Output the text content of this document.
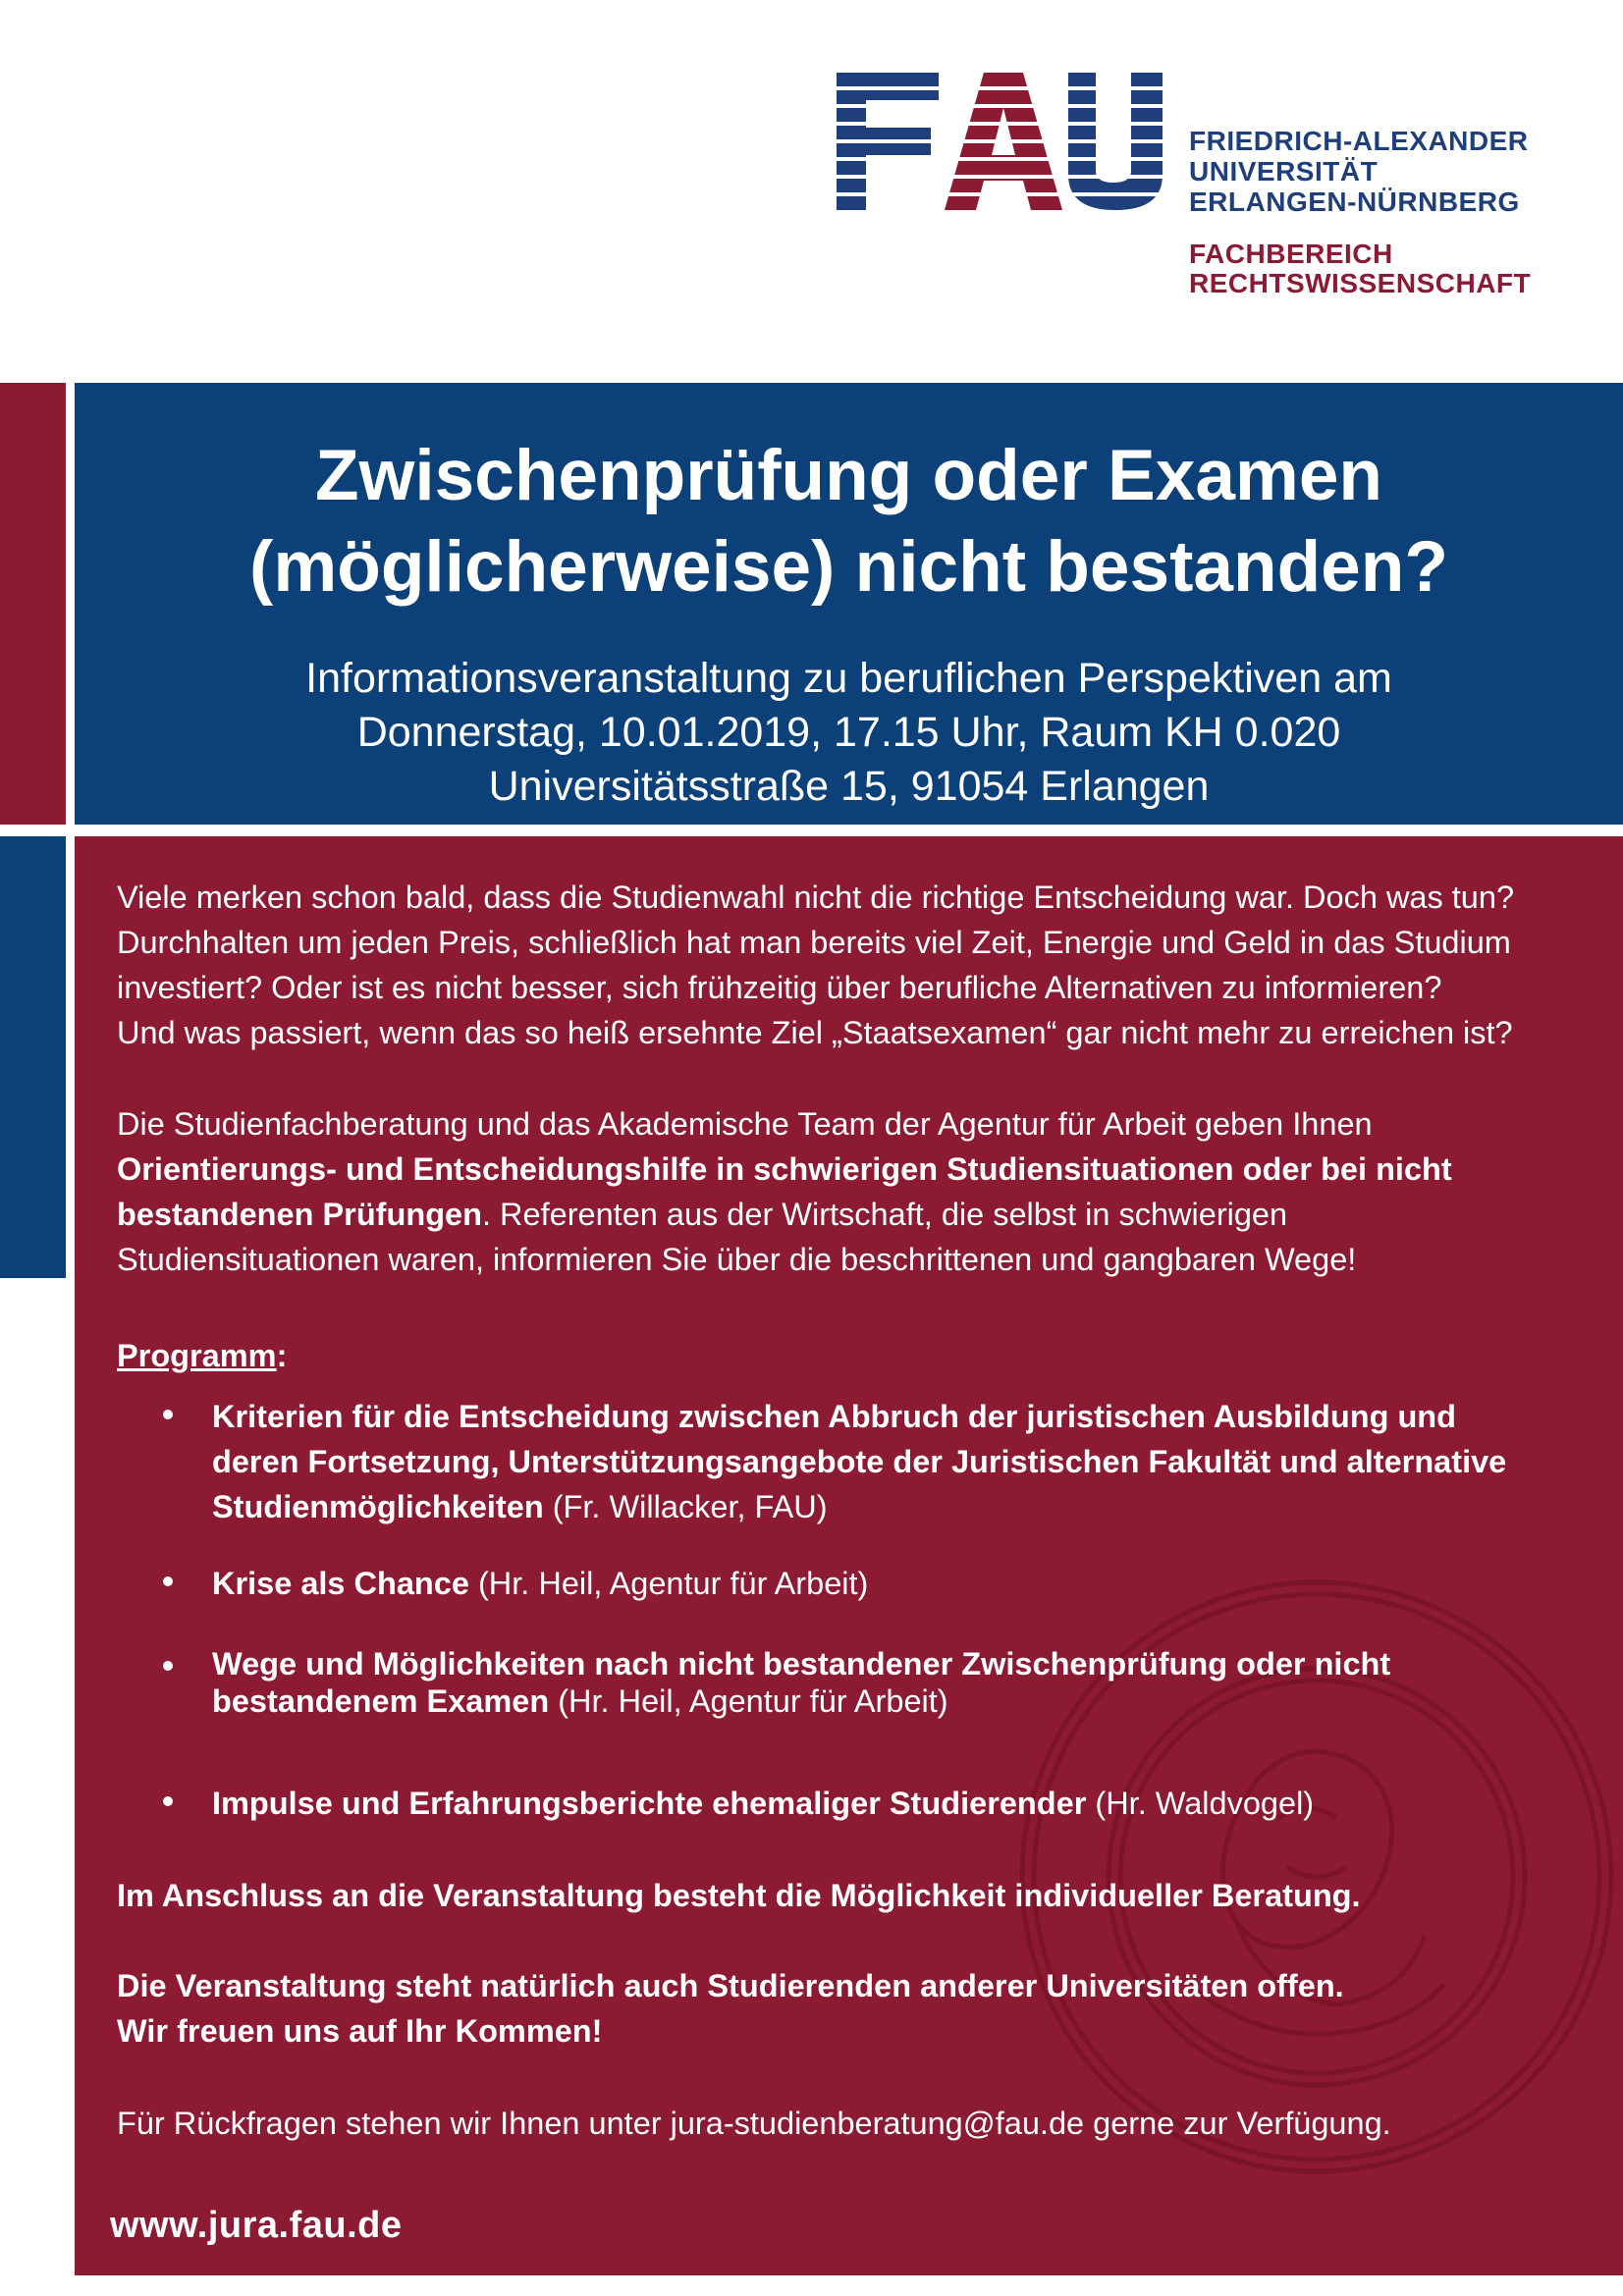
FRIEDRICH-ALEXANDER
UNIVERSITÄT
ERLANGEN-NÜRNBERG
FACHBEREICH
RECHTSWISSENSCHAFT
Zwischenprüfung oder Examen
(möglicherweise) nicht bestanden?
Informationsveranstaltung zu beruflichen Perspektiven am
Donnerstag, 10.01.2019, 17.15 Uhr, Raum KH 0.020
Universitätsstraße 15, 91054 Erlangen
Viele merken schon bald, dass die Studienwahl nicht die richtige Entscheidung war. Doch was tun?
Durchhalten um jeden Preis, schließlich hat man bereits viel Zeit, Energie und Geld in das Studium
investiert? Oder ist es nicht besser, sich frühzeitig über berufliche Alternativen zu informieren?
Und was passiert, wenn das so heiß ersehnte Ziel „Staatsexamen“ gar nicht mehr zu erreichen ist?
Die Studienfachberatung und das Akademische Team der Agentur für Arbeit geben Ihnen
Orientierungs- und Entscheidungshilfe in schwierigen Studiensituationen oder bei nicht
bestandenen Prüfungen. Referenten aus der Wirtschaft, die selbst in schwierigen
Studiensituationen waren, informieren Sie über die beschrittenen und gangbaren Wege!
Programm:
Kriterien für die Entscheidung zwischen Abbruch der juristischen Ausbildung und
deren Fortsetzung, Unterstützungsangebote der Juristischen Fakultät und alternative
Studienmöglichkeiten (Fr. Willacker, FAU)
Krise als Chance (Hr. Heil, Agentur für Arbeit)
Wege und Möglichkeiten nach nicht bestandener Zwischenprüfung oder nicht
bestandenem Examen (Hr. Heil, Agentur für Arbeit)
Impulse und Erfahrungsberichte ehemaliger Studierender (Hr. Waldvogel)
Im Anschluss an die Veranstaltung besteht die Möglichkeit individueller Beratung.
Die Veranstaltung steht natürlich auch Studierenden anderer Universitäten offen.
Wir freuen uns auf Ihr Kommen!
Für Rückfragen stehen wir Ihnen unter jura-studienberatung@fau.de gerne zur Verfügung.
www.jura.fau.de
